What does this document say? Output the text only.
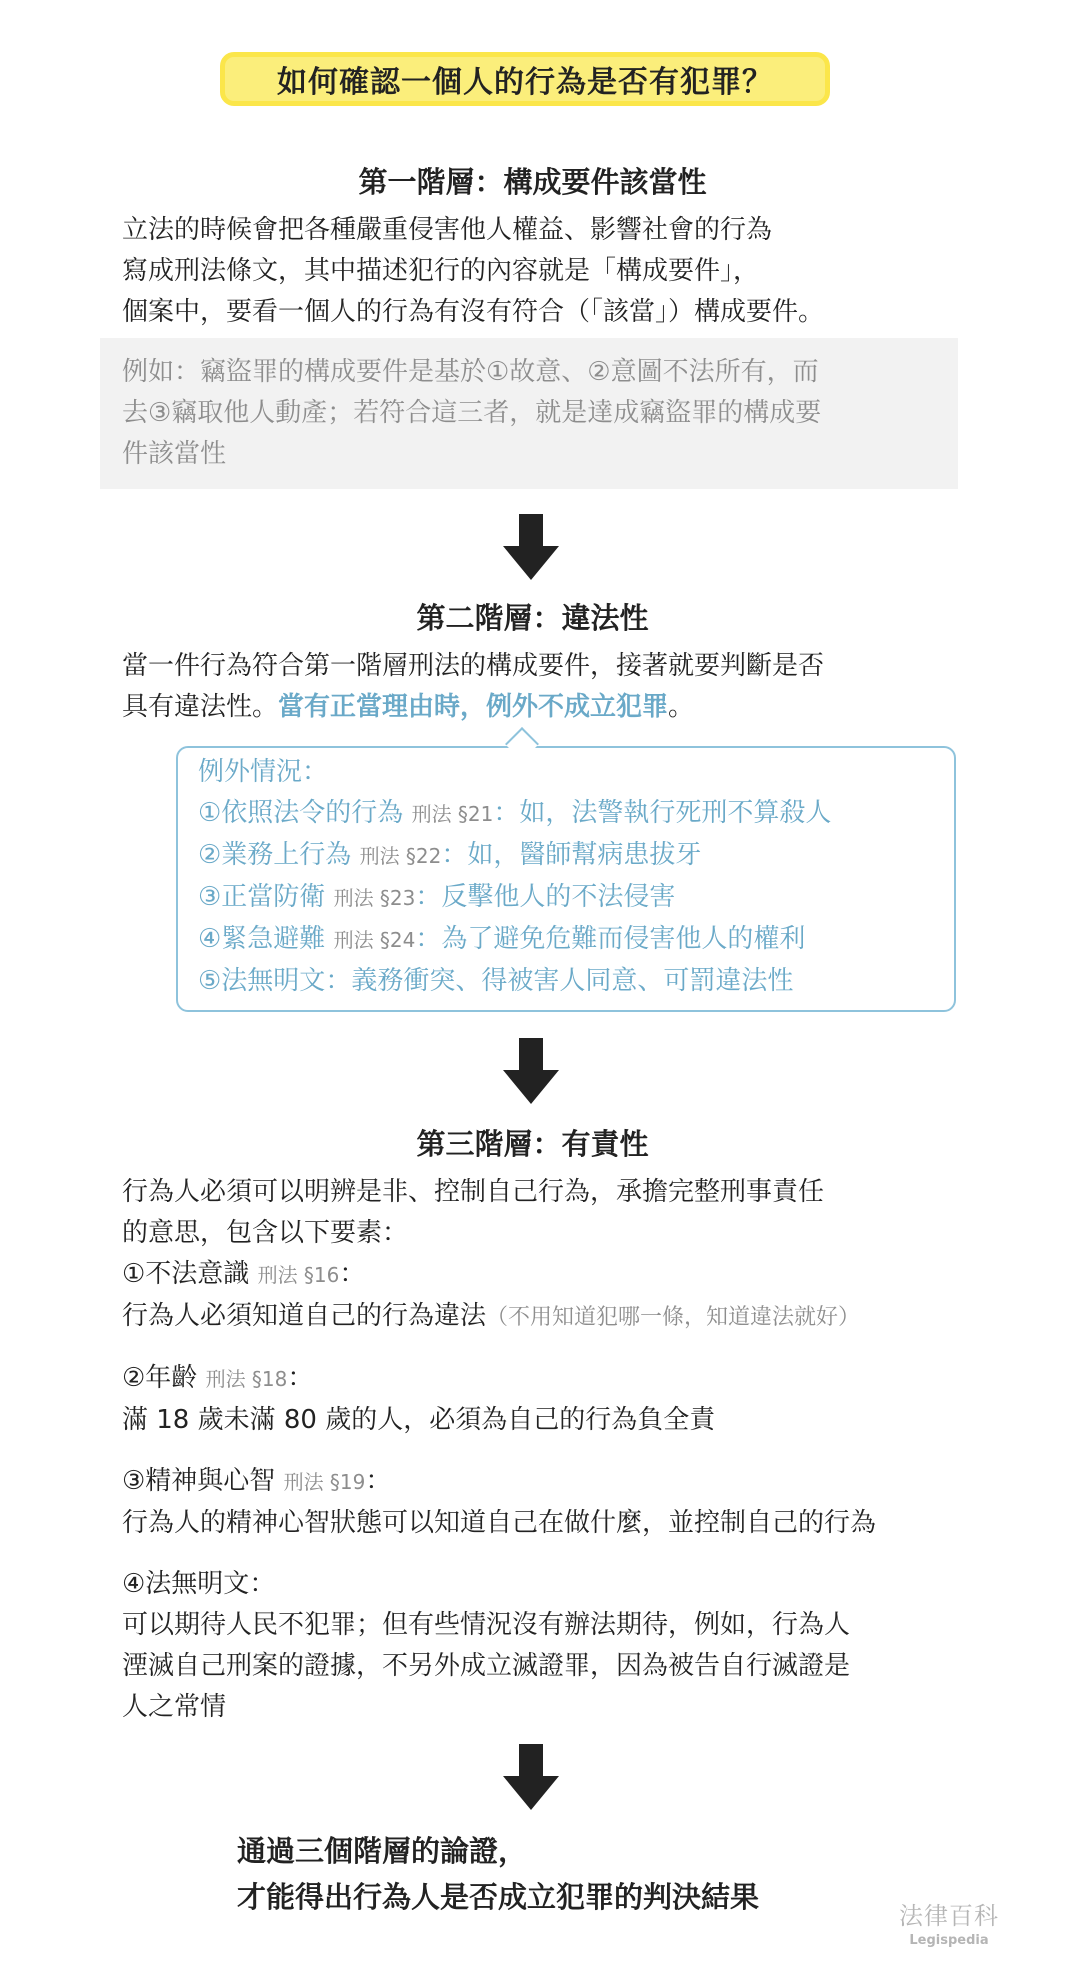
如何確認一個人的行為是否有犯罪？
第一階層：構成要件該當性
立法的時候會把各種嚴重侵害他人權益、影響社會的行為
寫成刑法條文，其中描述犯行的內容就是「構成要件」，
個案中，要看一個人的行為有沒有符合（「該當」）構成要件。
例如：竊盜罪的構成要件是基於①故意、②意圖不法所有，而
去③竊取他人動產；若符合這三者，就是達成竊盜罪的構成要
件該當性
第二階層：違法性
當一件行為符合第一階層刑法的構成要件，接著就要判斷是否
具有違法性。當有正當理由時，例外不成立犯罪。
例外情況：
①依照法令的行為 刑法 §21：如，法警執行死刑不算殺人
②業務上行為 刑法 §22：如，醫師幫病患拔牙
③正當防衛 刑法 §23：反擊他人的不法侵害
④緊急避難 刑法 §24：為了避免危難而侵害他人的權利
⑤法無明文：義務衝突、得被害人同意、可罰違法性
第三階層：有責性
行為人必須可以明辨是非、控制自己行為，承擔完整刑事責任
的意思，包含以下要素：
①不法意識 刑法 §16：
行為人必須知道自己的行為違法（不用知道犯哪一條，知道違法就好）
②年齡 刑法 §18：
滿 18 歲未滿 80 歲的人，必須為自己的行為負全責
③精神與心智 刑法 §19：
行為人的精神心智狀態可以知道自己在做什麼，並控制自己的行為
④法無明文：
可以期待人民不犯罪；但有些情況沒有辦法期待，例如，行為人
湮滅自己刑案的證據，不另外成立滅證罪，因為被告自行滅證是
人之常情
通過三個階層的論證，
才能得出行為人是否成立犯罪的判決結果
法律百科
Legispedia
